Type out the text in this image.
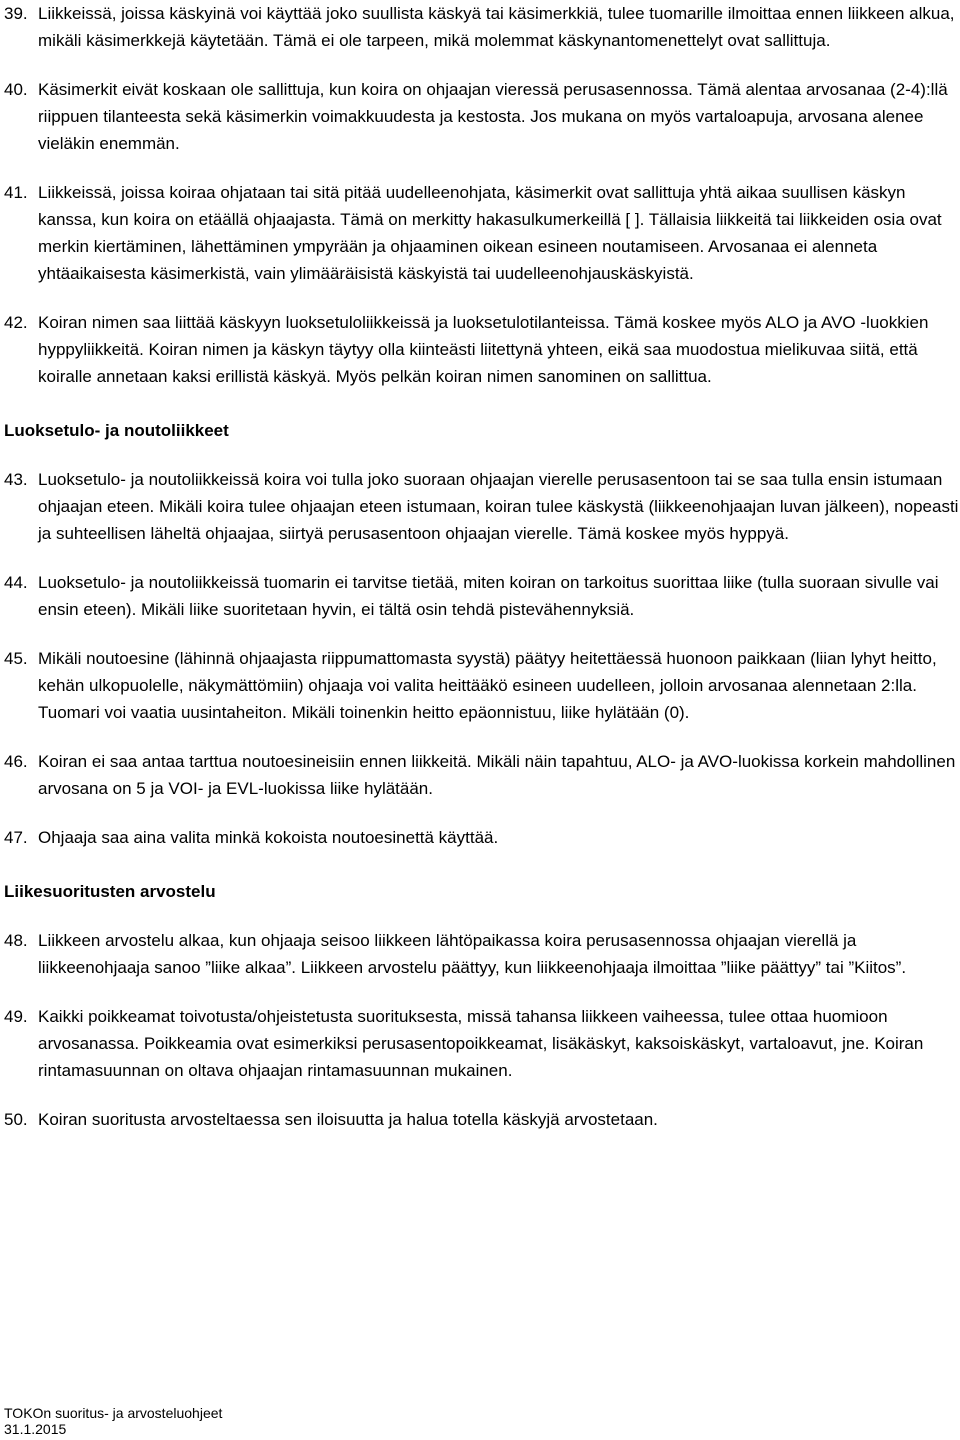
39. Liikkeissä, joissa käskyinä voi käyttää joko suullista käskyä tai käsimerkkiä, tulee tuomarille ilmoittaa ennen liikkeen alkua, mikäli käsimerkkejä käytetään. Tämä ei ole tarpeen, mikä molemmat käskynantomenettelyt ovat sallittuja.
40. Käsimerkit eivät koskaan ole sallittuja, kun koira on ohjaajan vieressä perusasennossa. Tämä alentaa arvosanaa (2-4):llä riippuen tilanteesta sekä käsimerkin voimakkuudesta ja kestosta. Jos mukana on myös vartaloapuja, arvosana alenee vieläkin enemmän.
41. Liikkeissä, joissa koiraa ohjataan tai sitä pitää uudelleenohjata, käsimerkit ovat sallittuja yhtä aikaa suullisen käskyn kanssa, kun koira on etäällä ohjaajasta. Tämä on merkitty hakasulkumerkeillä [ ]. Tällaisia liikkeitä tai liikkeiden osia ovat merkin kiertäminen, lähettäminen ympyrään ja ohjaaminen oikean esineen noutamiseen. Arvosanaa ei alenneta yhtäaikaisesta käsimerkistä, vain ylimääräisistä käskyistä tai uudelleenohjauskäskyistä.
42. Koiran nimen saa liittää käskyyn luoksetuloliikkeissä ja luoksetulotilanteissa. Tämä koskee myös ALO ja AVO -luokkien hyppyliikkeitä. Koiran nimen ja käskyn täytyy olla kiinteästi liitettynä yhteen, eikä saa muodostua mielikuvaa siitä, että koiralle annetaan kaksi erillistä käskyä. Myös pelkän koiran nimen sanominen on sallittua.
Luoksetulo- ja noutoliikkeet
43. Luoksetulo- ja noutoliikkeissä koira voi tulla joko suoraan ohjaajan vierelle perusasentoon tai se saa tulla ensin istumaan ohjaajan eteen. Mikäli koira tulee ohjaajan eteen istumaan, koiran tulee käskystä (liikkeenohjaajan luvan jälkeen), nopeasti ja suhteellisen läheltä ohjaajaa, siirtyä perusasentoon ohjaajan vierelle. Tämä koskee myös hyppyä.
44. Luoksetulo- ja noutoliikkeissä tuomarin ei tarvitse tietää, miten koiran on tarkoitus suorittaa liike (tulla suoraan sivulle vai ensin eteen). Mikäli liike suoritetaan hyvin, ei tältä osin tehdä pistevähennyksiä.
45. Mikäli noutoesine (lähinnä ohjaajasta riippumattomasta syystä) päätyy heitettäessä huonoon paikkaan (liian lyhyt heitto, kehän ulkopuolelle, näkymättömiin) ohjaaja voi valita heittääkö esineen uudelleen, jolloin arvosanaa alennetaan 2:lla. Tuomari voi vaatia uusintaheiton. Mikäli toinenkin heitto epäonnistuu, liike hylätään (0).
46. Koiran ei saa antaa tarttua noutoesineisiin ennen liikkeitä. Mikäli näin tapahtuu, ALO- ja AVO-luokissa korkein mahdollinen arvosana on 5 ja VOI- ja EVL-luokissa liike hylätään.
47. Ohjaaja saa aina valita minkä kokoista noutoesinettä käyttää.
Liikesuoritusten arvostelu
48. Liikkeen arvostelu alkaa, kun ohjaaja seisoo liikkeen lähtöpaikassa koira perusasennossa ohjaajan vierellä ja liikkeenohjaaja sanoo ”liike alkaa”. Liikkeen arvostelu päättyy, kun liikkeenohjaaja ilmoittaa ”liike päättyy” tai ”Kiitos”.
49. Kaikki poikkeamat toivotusta/ohjeistetusta suorituksesta, missä tahansa liikkeen vaiheessa, tulee ottaa huomioon arvosanassa. Poikkeamia ovat esimerkiksi perusasentopoikkeamat, lisäkäskyt, kaksoiskäskyt, vartaloavut, jne. Koiran rintamasuunnan on oltava ohjaajan rintamasuunnan mukainen.
50. Koiran suoritusta arvosteltaessa sen iloisuutta ja halua totella käskyjä arvostetaan.
TOKOn suoritus- ja arvosteluohjeet
31.1.2015
